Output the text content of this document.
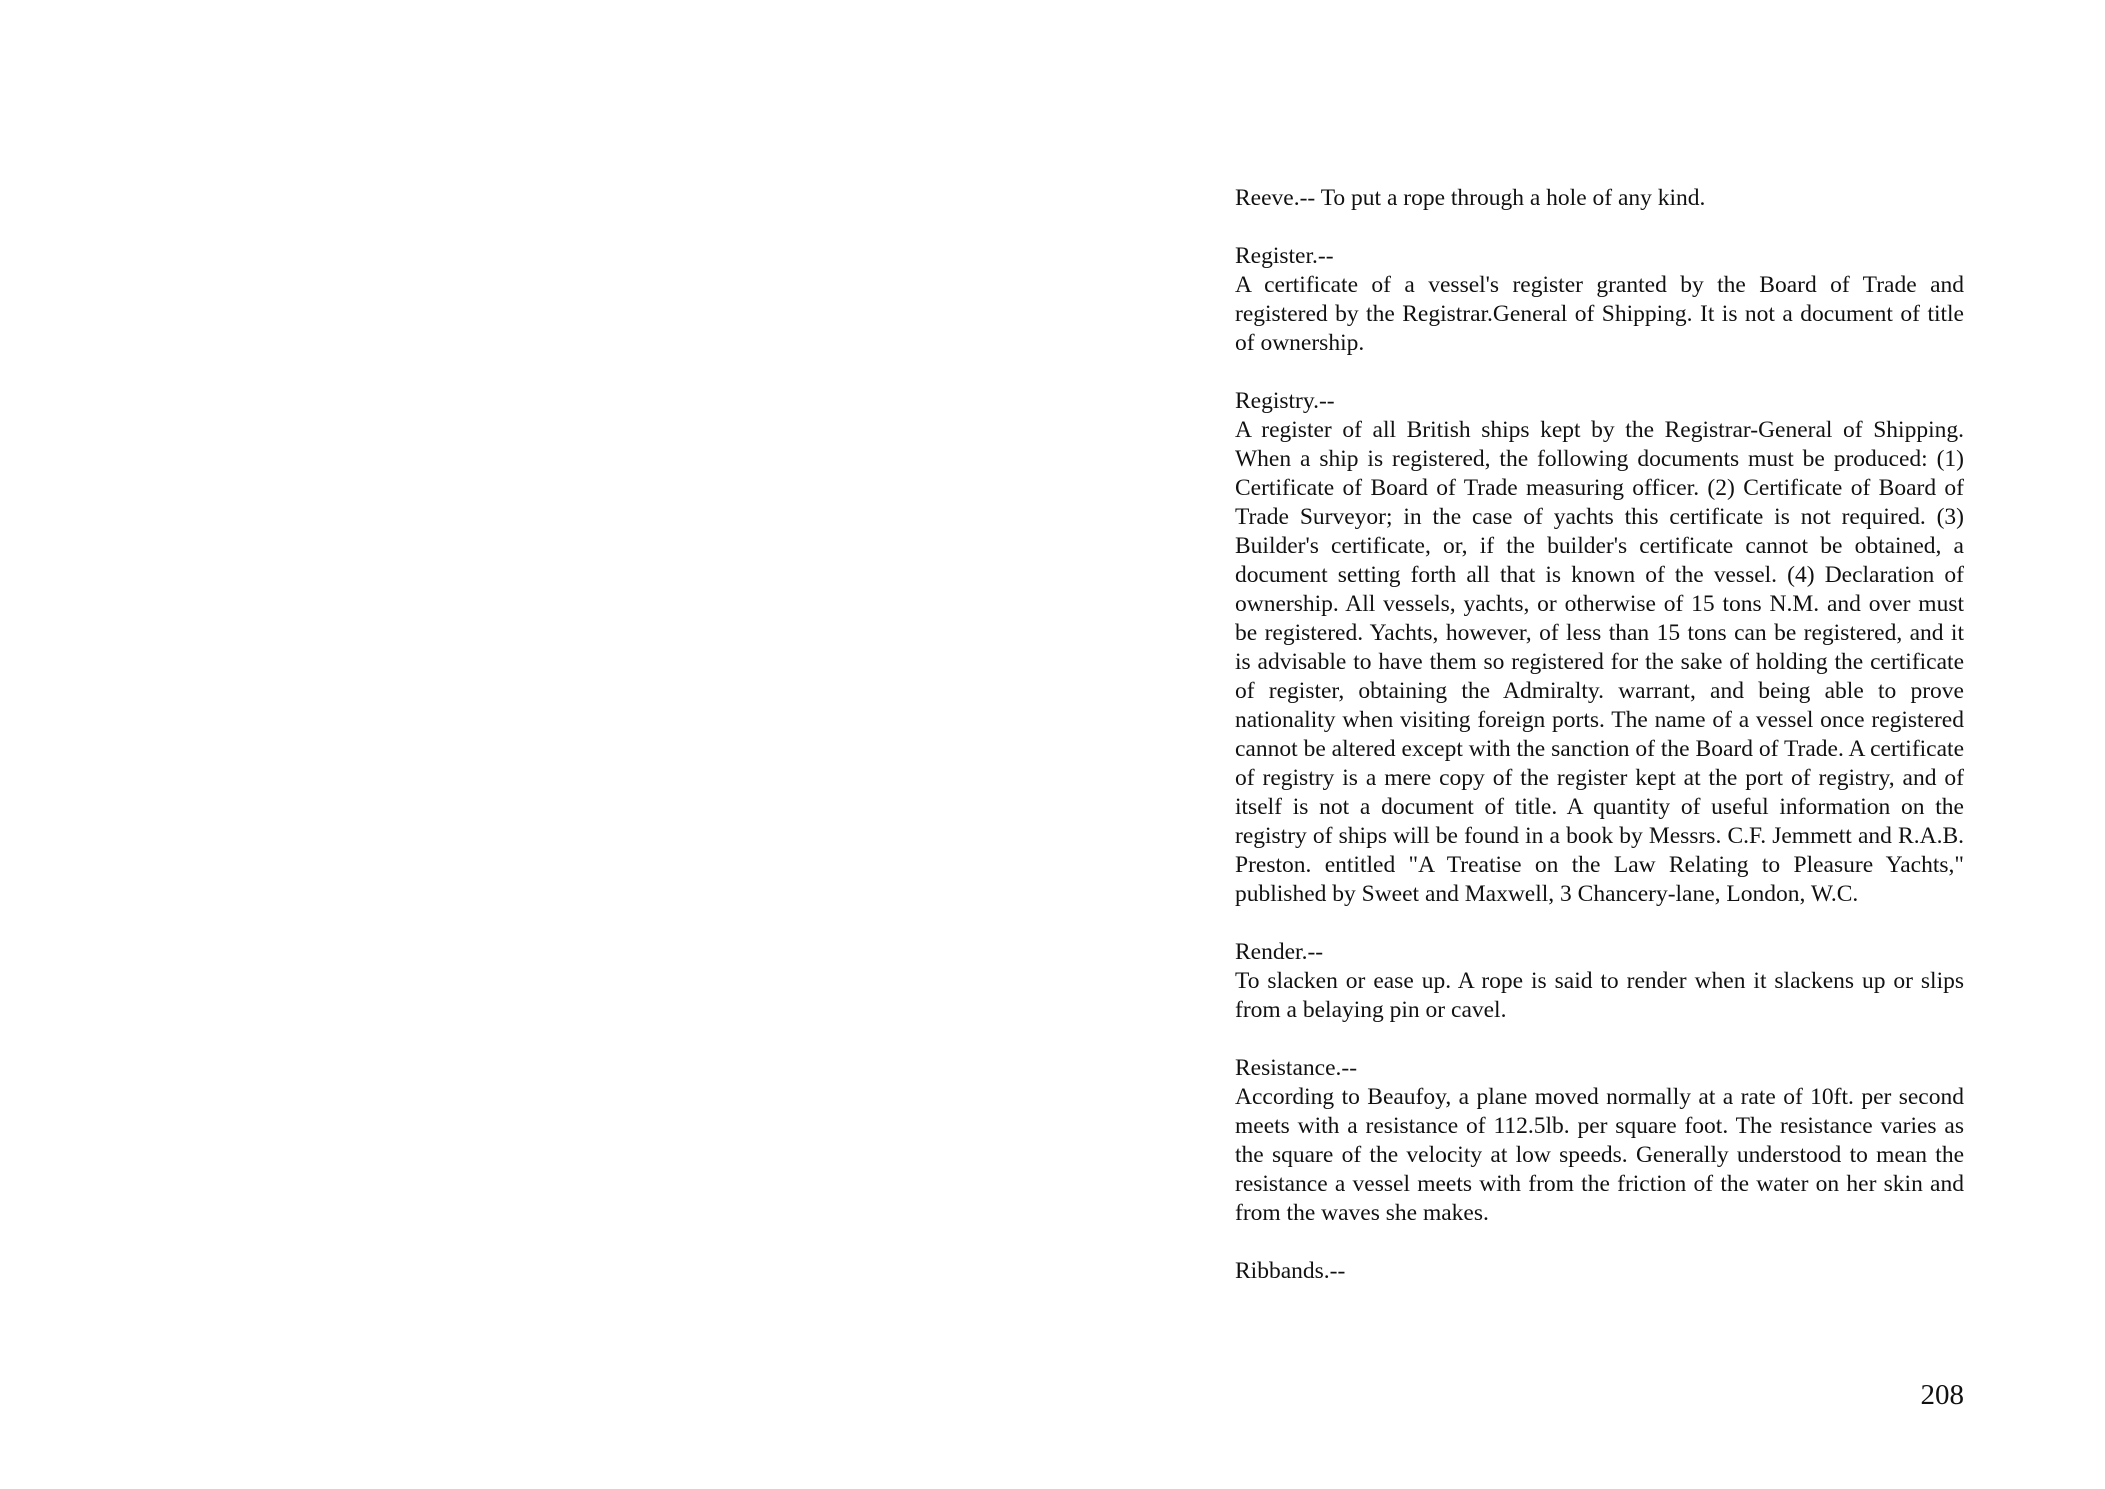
Reeve.-- To put a rope through a hole of any kind.
Register.--
A certificate of a vessel's register granted by the Board of Trade and registered by the Registrar.General of Shipping. It is not a document of title of ownership.
Registry.--
A register of all British ships kept by the Registrar-General of Shipping. When a ship is registered, the following documents must be produced: (1) Certificate of Board of Trade measuring officer. (2) Certificate of Board of Trade Surveyor; in the case of yachts this certificate is not required. (3) Builder's certificate, or, if the builder's certificate cannot be obtained, a document setting forth all that is known of the vessel. (4) Declaration of ownership. All vessels, yachts, or otherwise of 15 tons N.M. and over must be registered. Yachts, however, of less than 15 tons can be registered, and it is advisable to have them so registered for the sake of holding the certificate of register, obtaining the Admiralty. warrant, and being able to prove nationality when visiting foreign ports. The name of a vessel once registered cannot be altered except with the sanction of the Board of Trade. A certificate of registry is a mere copy of the register kept at the port of registry, and of itself is not a document of title. A quantity of useful information on the registry of ships will be found in a book by Messrs. C.F. Jemmett and R.A.B. Preston. entitled "A Treatise on the Law Relating to Pleasure Yachts," published by Sweet and Maxwell, 3 Chancery-lane, London, W.C.
Render.--
To slacken or ease up. A rope is said to render when it slackens up or slips from a belaying pin or cavel.
Resistance.--
According to Beaufoy, a plane moved normally at a rate of 10ft. per second meets with a resistance of 112.5lb. per square foot. The resistance varies as the square of the velocity at low speeds. Generally understood to mean the resistance a vessel meets with from the friction of the water on her skin and from the waves she makes.
Ribbands.--
208
